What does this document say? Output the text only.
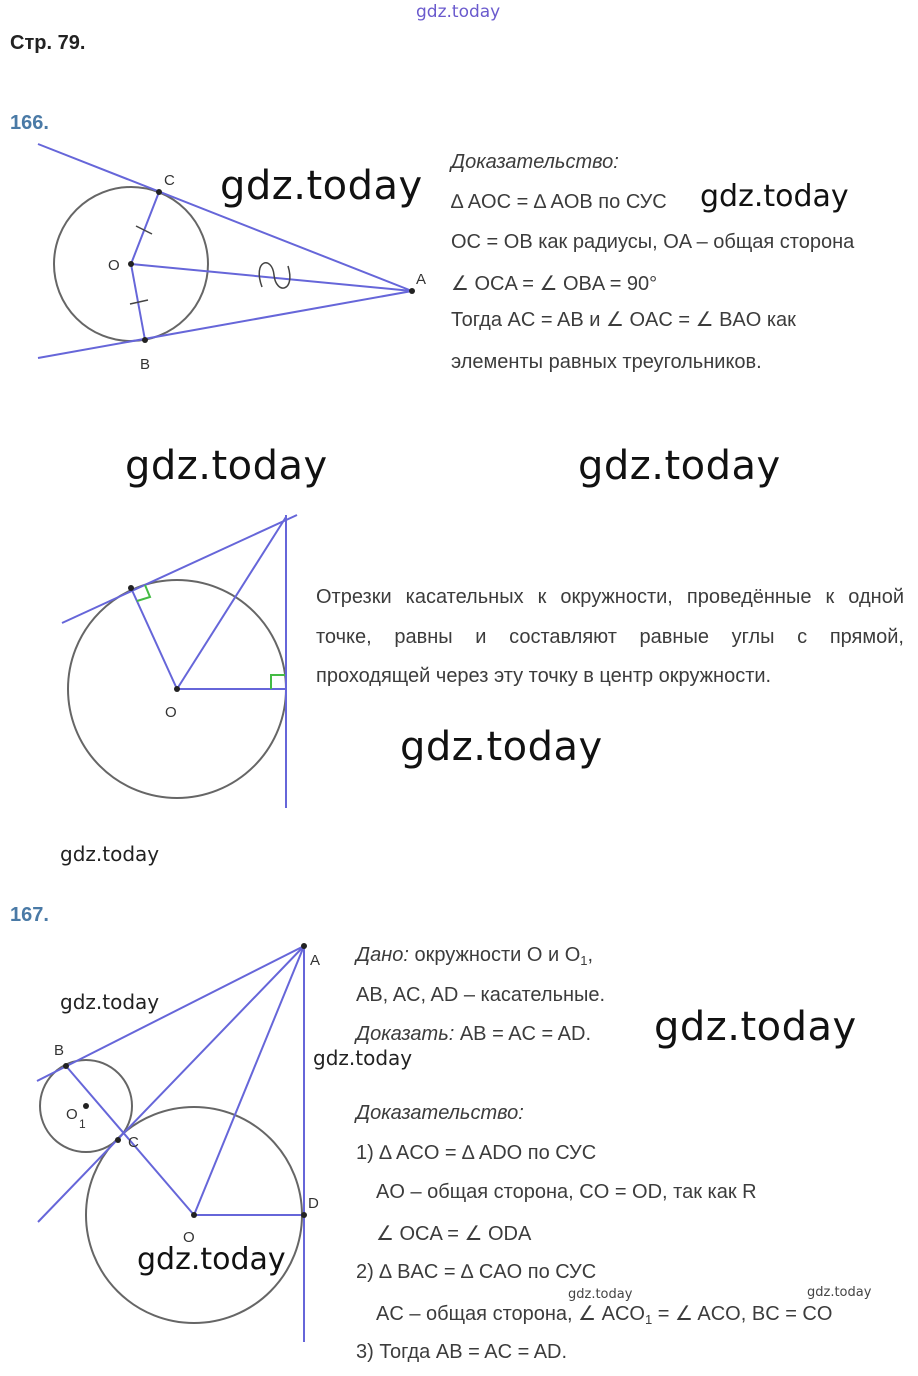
gdz.today
Стр. 79.
166.
C
O
A
B
gdz.today
Доказательство:
∆ AOC = ∆ AOB по СУС gdz.today
OC = OB как радиусы, OA – общая сторона
∠ OCA = ∠ OBA = 90°
Тогда AC = AB и ∠ OAC = ∠ BAO как
элементы равных треугольников.
gdz.today	gdz.today
O
Отрезки касательных к окружности, проведённые к одной точке, равны и составляют равные углы с прямой, проходящей через эту точку в центр окружности.
gdz.today
gdz.today
167.
A
B
C
D
O
O
1
gdz.today
gdz.today
gdz.today
Дано: окружности O и $O_1$,
AB, AC, AD – касательные.
Доказать: AB = AC = AD. gdz.today
Доказательство:
1) ∆ ACO = ∆ ADO по СУС
AO – общая сторона, CO = OD, так как R
∠ OCA = ∠ ODA
2) ∆ BAC = ∆ CAO по СУС
AC – общая сторона, ∠ $ACO_1$ = ∠ ACO, BC = CO
gdz.today
gdz.today
3) Тогда AB = AC = AD.
